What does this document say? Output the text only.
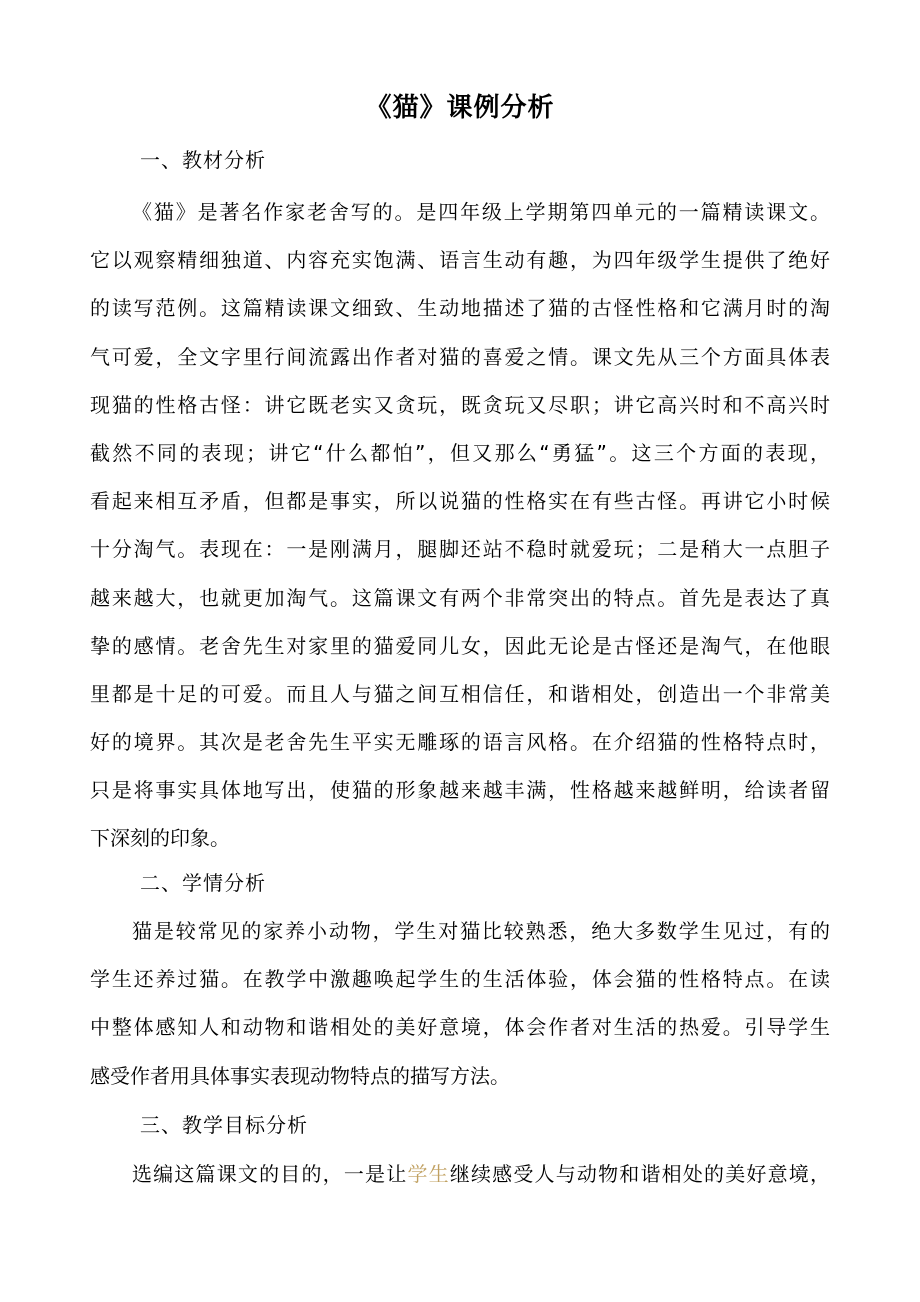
《猫》课例分析
一、教材分析
《猫》是著名作家老舍写的。是四年级上学期第四单元的一篇精读课文。
它以观察精细独道、内容充实饱满、语言生动有趣，为四年级学生提供了绝好
的读写范例。这篇精读课文细致、生动地描述了猫的古怪性格和它满月时的淘
气可爱，全文字里行间流露出作者对猫的喜爱之情。课文先从三个方面具体表
现猫的性格古怪：讲它既老实又贪玩，既贪玩又尽职；讲它高兴时和不高兴时
截然不同的表现；讲它“什么都怕”，但又那么“勇猛”。这三个方面的表现，
看起来相互矛盾，但都是事实，所以说猫的性格实在有些古怪。再讲它小时候
十分淘气。表现在：一是刚满月，腿脚还站不稳时就爱玩；二是稍大一点胆子
越来越大，也就更加淘气。这篇课文有两个非常突出的特点。首先是表达了真
挚的感情。老舍先生对家里的猫爱同儿女，因此无论是古怪还是淘气，在他眼
里都是十足的可爱。而且人与猫之间互相信任，和谐相处，创造出一个非常美
好的境界。其次是老舍先生平实无雕琢的语言风格。在介绍猫的性格特点时，
只是将事实具体地写出，使猫的形象越来越丰满，性格越来越鲜明，给读者留
下深刻的印象。
二、学情分析
猫是较常见的家养小动物，学生对猫比较熟悉，绝大多数学生见过，有的
学生还养过猫。在教学中激趣唤起学生的生活体验，体会猫的性格特点。在读
中整体感知人和动物和谐相处的美好意境，体会作者对生活的热爱。引导学生
感受作者用具体事实表现动物特点的描写方法。
三、教学目标分析
选编这篇课文的目的，一是让学生继续感受人与动物和谐相处的美好意境，
